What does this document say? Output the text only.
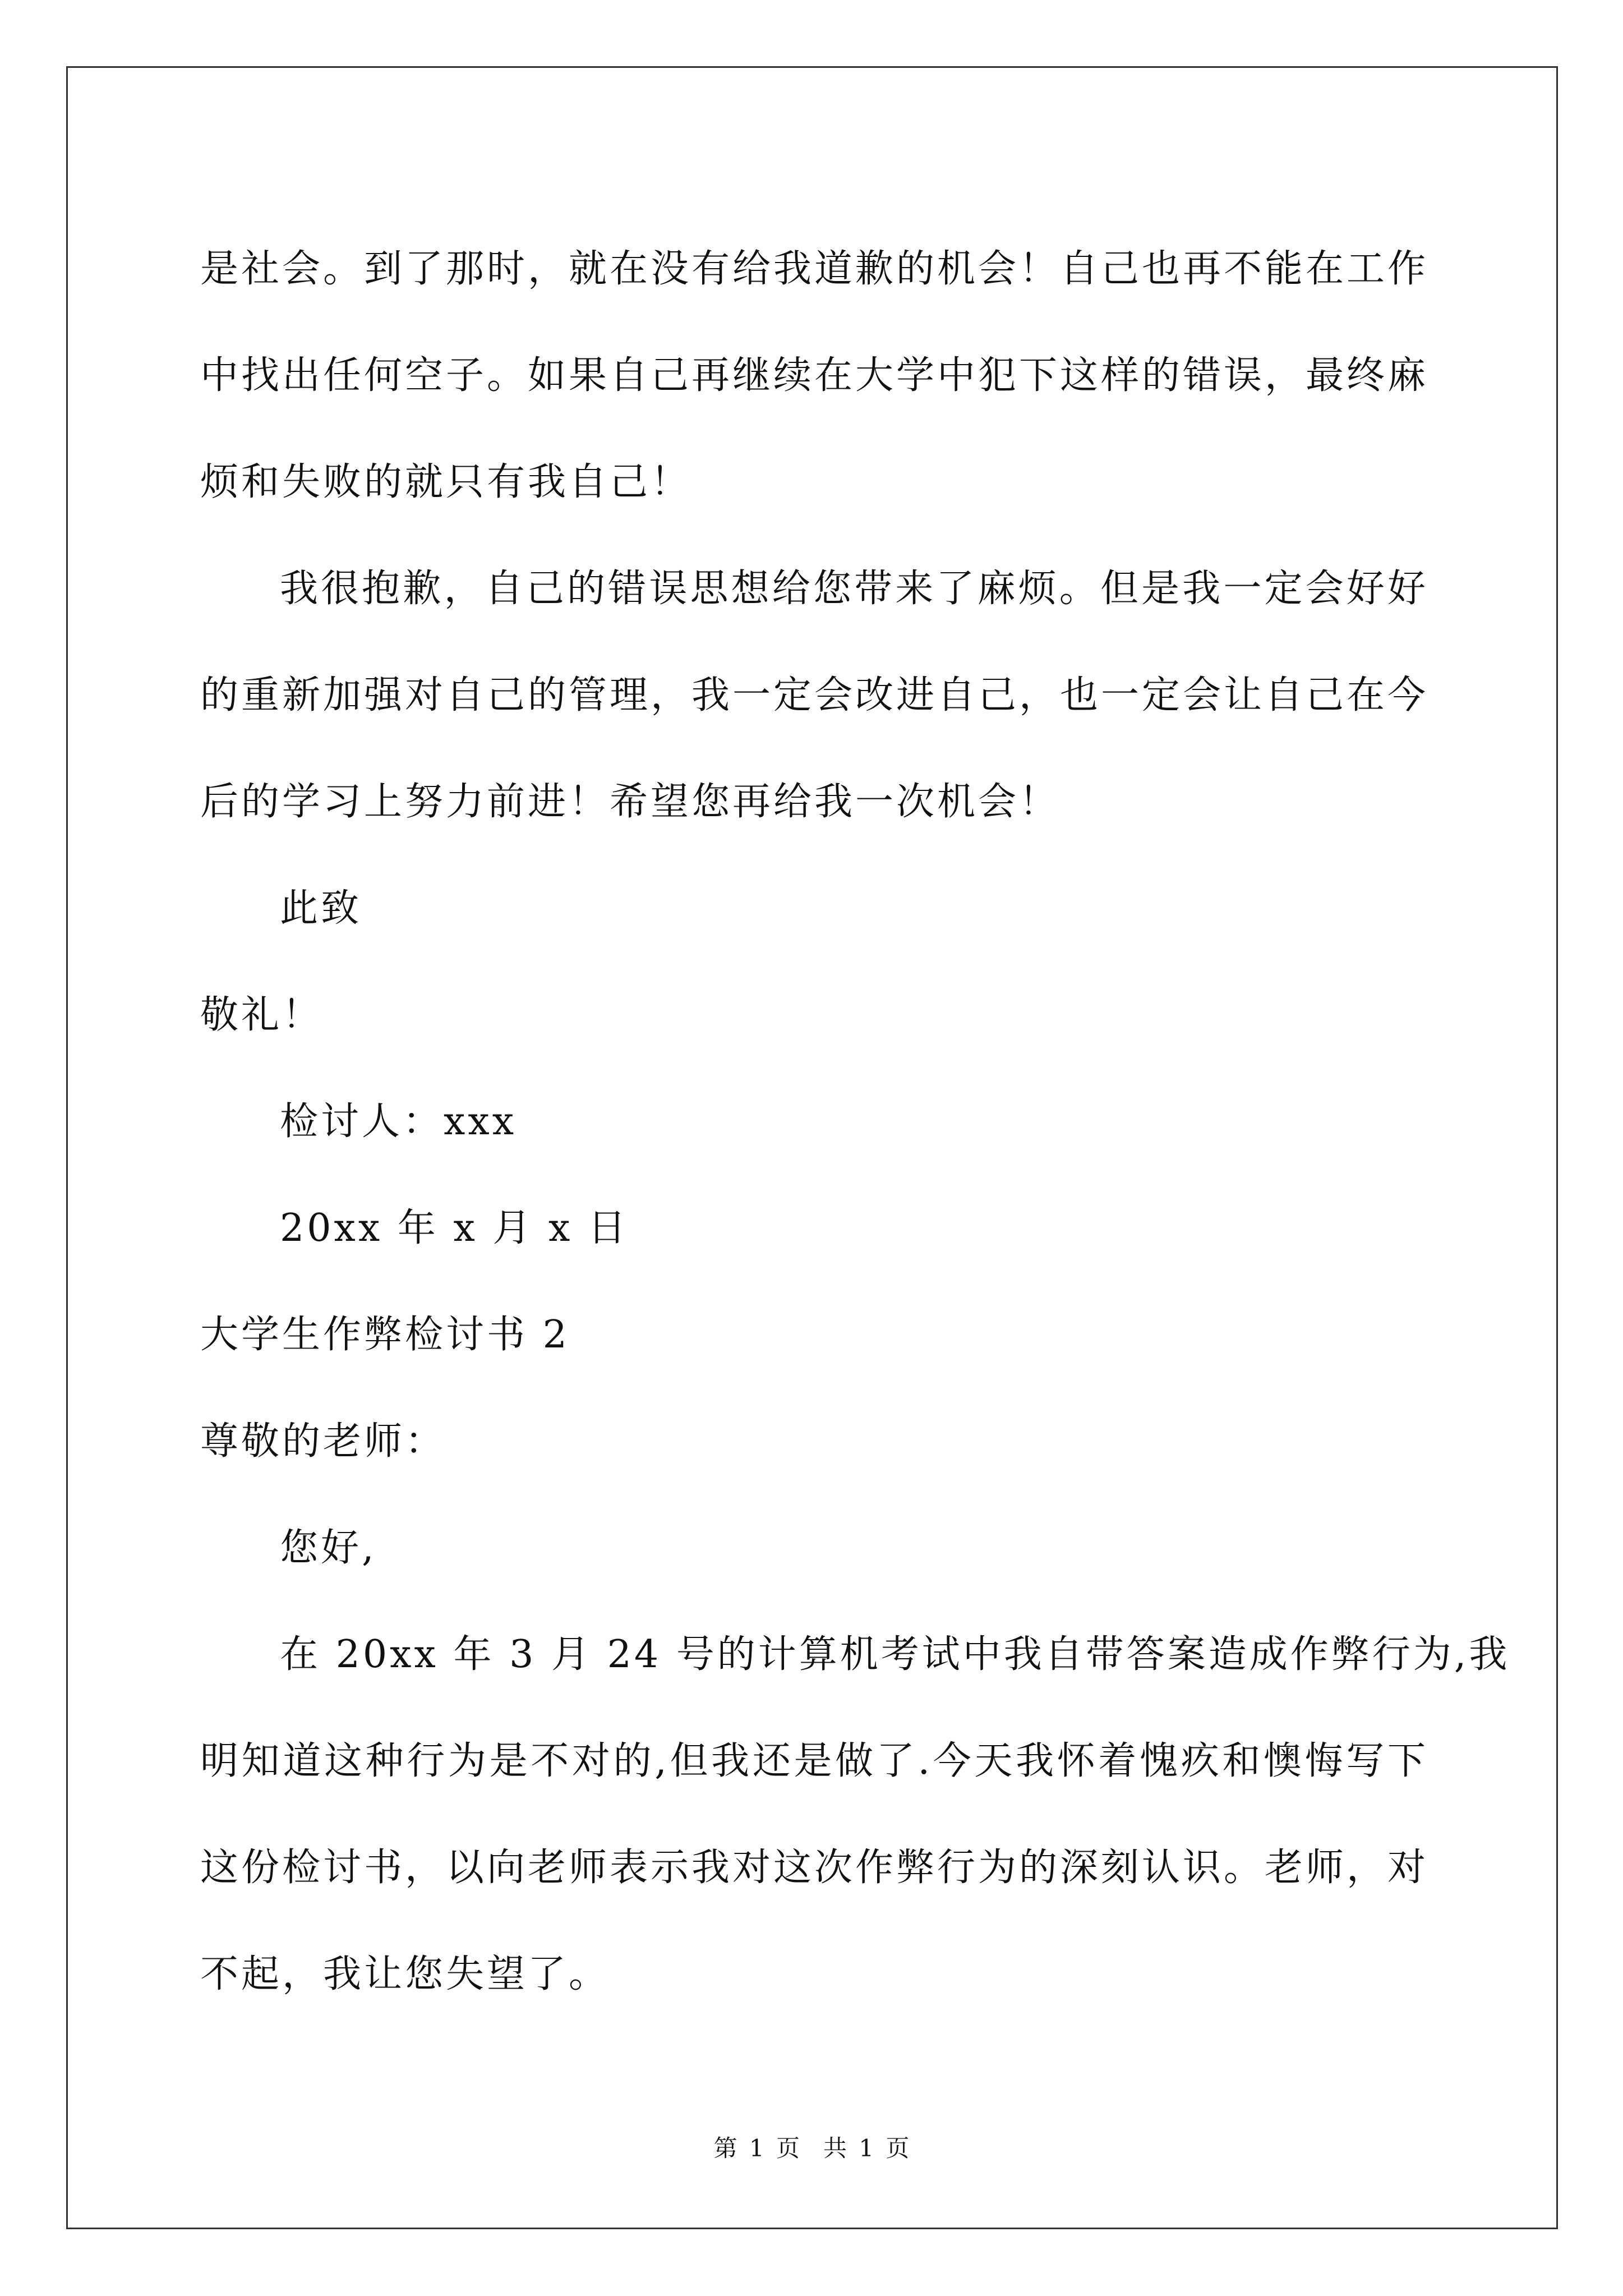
是社会。到了那时，就在没有给我道歉的机会！自己也再不能在工作
中找出任何空子。如果自己再继续在大学中犯下这样的错误，最终麻
烦和失败的就只有我自己！
我很抱歉，自己的错误思想给您带来了麻烦。但是我一定会好好
的重新加强对自己的管理，我一定会改进自己，也一定会让自己在今
后的学习上努力前进！希望您再给我一次机会！
此致
敬礼！
检讨人：xxx
20xx 年 x 月 x 日
大学生作弊检讨书 2
尊敬的老师：
您好,
在 20xx 年 3 月 24 号的计算机考试中我自带答案造成作弊行为,我
明知道这种行为是不对的,但我还是做了.今天我怀着愧疚和懊悔写下
这份检讨书，以向老师表示我对这次作弊行为的深刻认识。老师，对
不起，我让您失望了。
第 1 页　共 1 页
